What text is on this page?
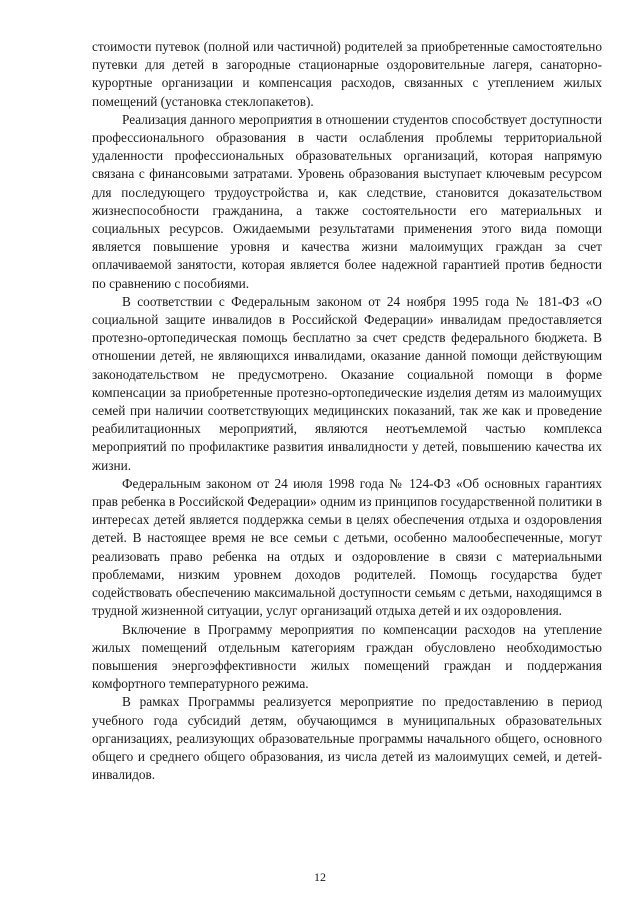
стоимости путевок (полной или частичной) родителей за приобретенные самостоятельно путевки для детей в загородные стационарные оздоровительные лагеря, санаторно-курортные организации и компенсация расходов, связанных с утеплением жилых помещений (установка стеклопакетов).

Реализация данного мероприятия в отношении студентов способствует доступности профессионального образования в части ослабления проблемы территориальной удаленности профессиональных образовательных организаций, которая напрямую связана с финансовыми затратами. Уровень образования выступает ключевым ресурсом для последующего трудоустройства и, как следствие, становится доказательством жизнеспособности гражданина, а также состоятельности его материальных и социальных ресурсов. Ожидаемыми результатами применения этого вида помощи является повышение уровня и качества жизни малоимущих граждан за счет оплачиваемой занятости, которая является более надежной гарантией против бедности по сравнению с пособиями.

В соответствии с Федеральным законом от 24 ноября 1995 года № 181-ФЗ «О социальной защите инвалидов в Российской Федерации» инвалидам предоставляется протезно-ортопедическая помощь бесплатно за счет средств федерального бюджета. В отношении детей, не являющихся инвалидами, оказание данной помощи действующим законодательством не предусмотрено. Оказание социальной помощи в форме компенсации за приобретенные протезно-ортопедические изделия детям из малоимущих семей при наличии соответствующих медицинских показаний, так же как и проведение реабилитационных мероприятий, являются неотъемлемой частью комплекса мероприятий по профилактике развития инвалидности у детей, повышению качества их жизни.

Федеральным законом от 24 июля 1998 года № 124-ФЗ «Об основных гарантиях прав ребенка в Российской Федерации» одним из принципов государственной политики в интересах детей является поддержка семьи в целях обеспечения отдыха и оздоровления детей. В настоящее время не все семьи с детьми, особенно малообеспеченные, могут реализовать право ребенка на отдых и оздоровление в связи с материальными проблемами, низким уровнем доходов родителей. Помощь государства будет содействовать обеспечению максимальной доступности семьям с детьми, находящимся в трудной жизненной ситуации, услуг организаций отдыха детей и их оздоровления.

Включение в Программу мероприятия по компенсации расходов на утепление жилых помещений отдельным категориям граждан обусловлено необходимостью повышения энергоэффективности жилых помещений граждан и поддержания комфортного температурного режима.

В рамках Программы реализуется мероприятие по предоставлению в период учебного года субсидий детям, обучающимся в муниципальных образовательных организациях, реализующих образовательные программы начального общего, основного общего и среднего общего образования, из числа детей из малоимущих семей, и детей-инвалидов.

12
